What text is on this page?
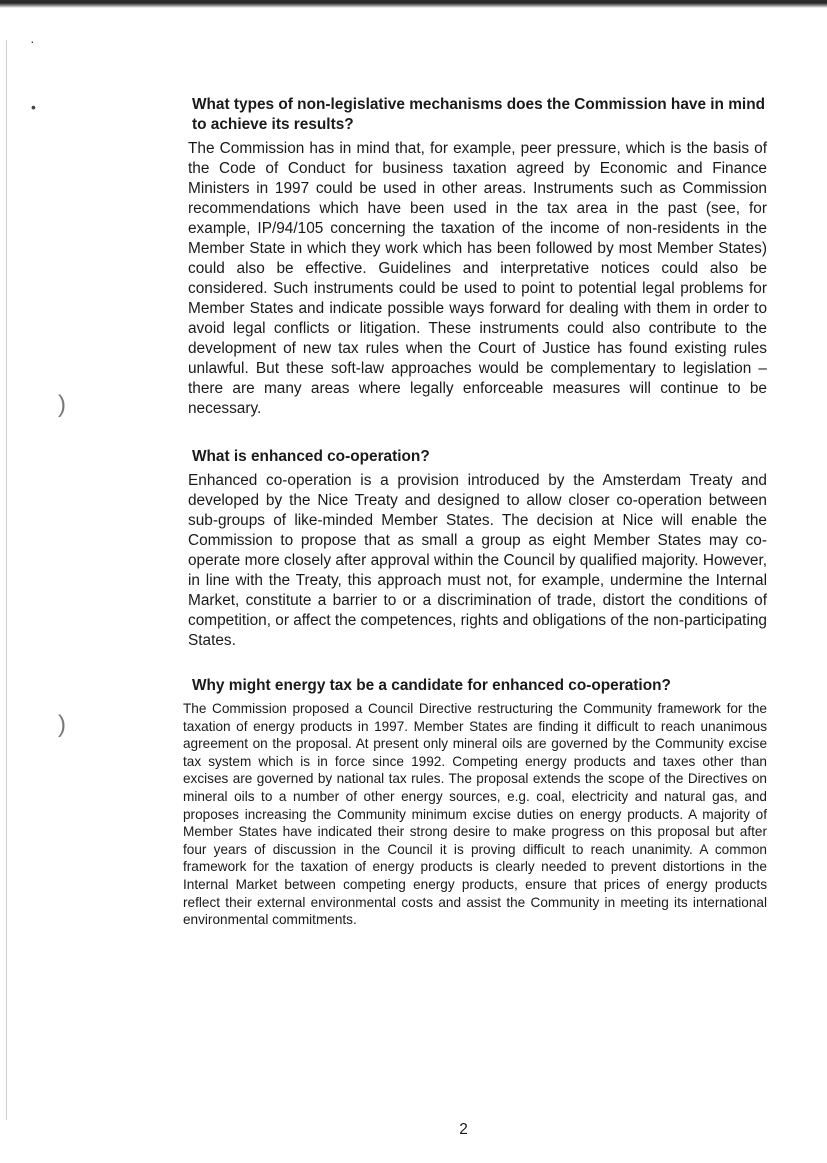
·
•
)
)
What types of non-legislative mechanisms does the Commission have in mind to achieve its results?

The Commission has in mind that, for example, peer pressure, which is the basis of the Code of Conduct for business taxation agreed by Economic and Finance Ministers in 1997 could be used in other areas. Instruments such as Commission recommendations which have been used in the tax area in the past (see, for example, IP/94/105 concerning the taxation of the income of non-residents in the Member State in which they work which has been followed by most Member States) could also be effective. Guidelines and interpretative notices could also be considered. Such instruments could be used to point to potential legal problems for Member States and indicate possible ways forward for dealing with them in order to avoid legal conflicts or litigation. These instruments could also contribute to the development of new tax rules when the Court of Justice has found existing rules unlawful. But these soft-law approaches would be complementary to legislation – there are many areas where legally enforceable measures will continue to be necessary.

What is enhanced co-operation?

Enhanced co-operation is a provision introduced by the Amsterdam Treaty and developed by the Nice Treaty and designed to allow closer co-operation between sub-groups of like-minded Member States. The decision at Nice will enable the Commission to propose that as small a group as eight Member States may co-operate more closely after approval within the Council by qualified majority. However, in line with the Treaty, this approach must not, for example, undermine the Internal Market, constitute a barrier to or a discrimination of trade, distort the conditions of competition, or affect the competences, rights and obligations of the non-participating States.

Why might energy tax be a candidate for enhanced co-operation?

The Commission proposed a Council Directive restructuring the Community framework for the taxation of energy products in 1997. Member States are finding it difficult to reach unanimous agreement on the proposal. At present only mineral oils are governed by the Community excise tax system which is in force since 1992. Competing energy products and taxes other than excises are governed by national tax rules. The proposal extends the scope of the Directives on mineral oils to a number of other energy sources, e.g. coal, electricity and natural gas, and proposes increasing the Community minimum excise duties on energy products. A majority of Member States have indicated their strong desire to make progress on this proposal but after four years of discussion in the Council it is proving difficult to reach unanimity. A common framework for the taxation of energy products is clearly needed to prevent distortions in the Internal Market between competing energy products, ensure that prices of energy products reflect their external environmental costs and assist the Community in meeting its international environmental commitments.

2
